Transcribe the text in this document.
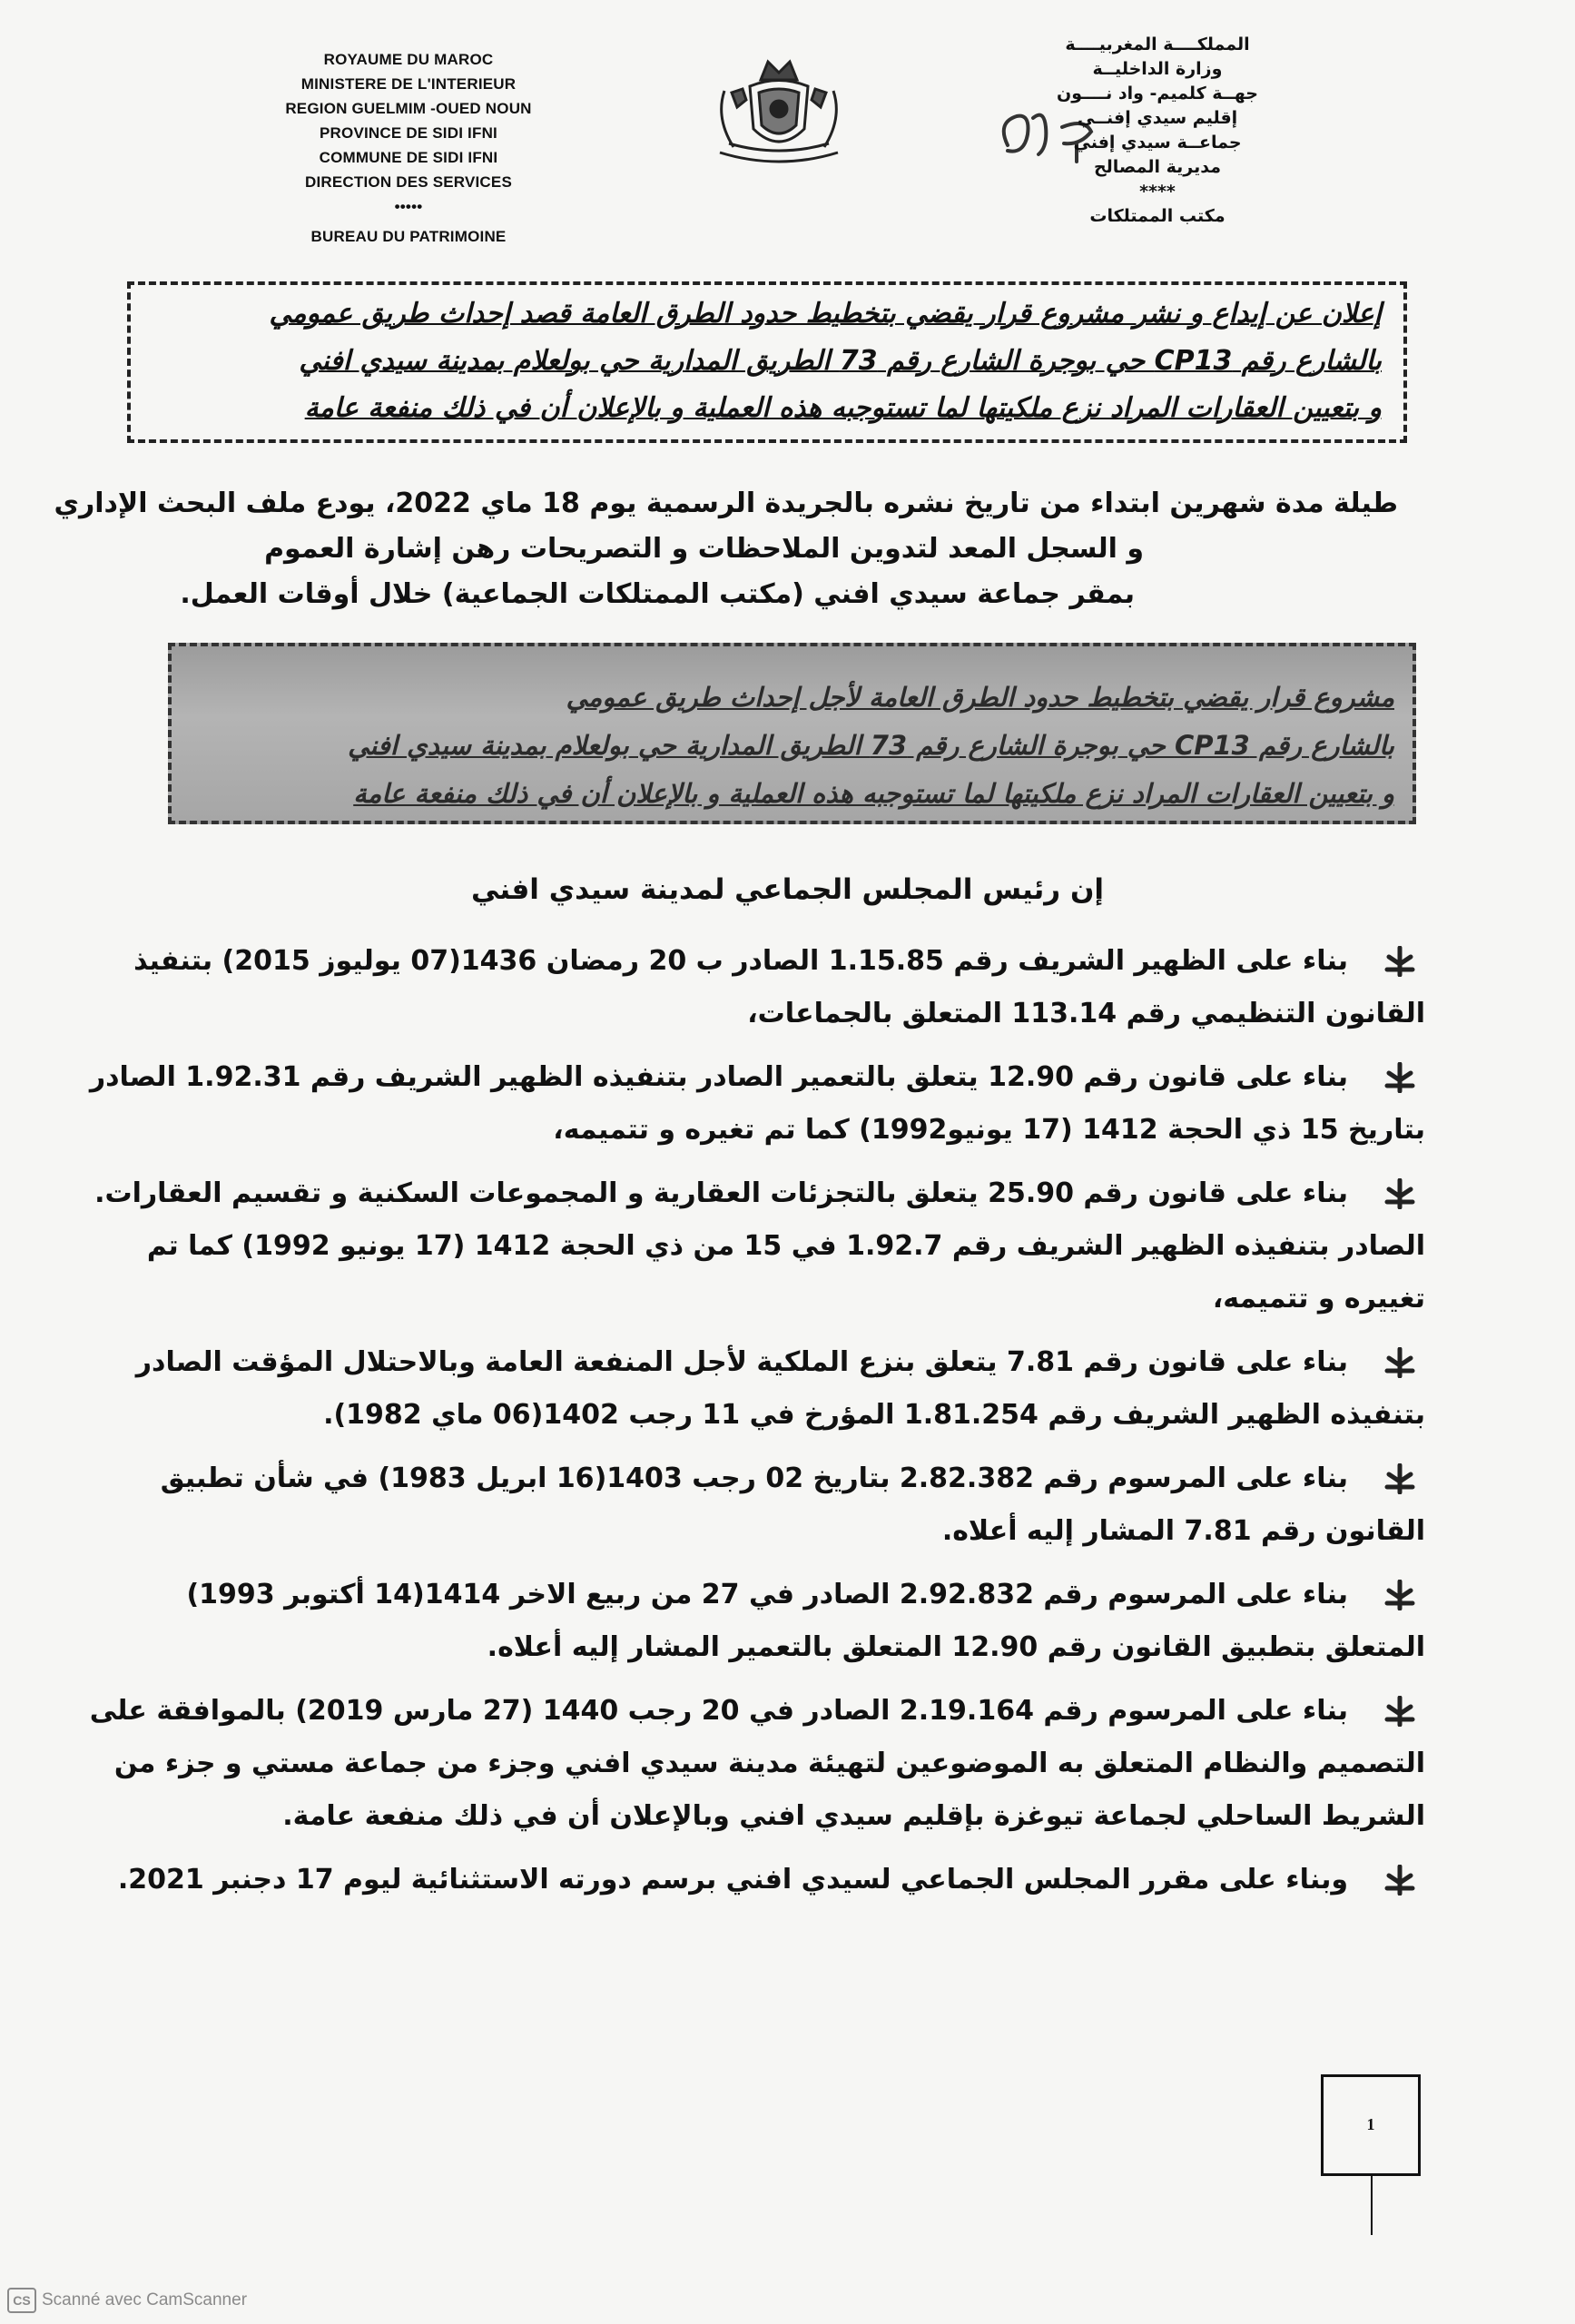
ROYAUME DU MAROC
MINISTERE DE L'INTERIEUR
REGION GUELMIM -OUED NOUN
PROVINCE DE SIDI IFNI
COMMUNE DE SIDI IFNI
DIRECTION DES SERVICES
•••••
BUREAU DU PATRIMOINE
المملكــــة المغربيــــة
وزارة الداخليــة
جهــة كلميم- واد نــــون
إقليم سيدي إفنــي
جماعــة سيدي إفني
مديرية المصالح
****
مكتب الممتلكات
إعلان عن إيداع و نشر مشروع قرار يقضي بتخطيط حدود الطرق العامة قصد إحداث طريق عمومي
بالشارع رقم CP13 حي بوجرة الشارع رقم 73 الطريق المدارية حي بولعلام بمدينة سيدي افني
و بتعيين العقارات المراد نزع ملكيتها لما تستوجبه هذه العملية و بالإعلان أن في ذلك منفعة عامة
طيلة مدة شهرين ابتداء من تاريخ نشره بالجريدة الرسمية يوم 18 ماي 2022، يودع ملف البحث الإداري
و السجل المعد لتدوين الملاحظات و التصريحات رهن إشارة العموم
بمقر جماعة سيدي افني (مكتب الممتلكات الجماعية) خلال أوقات العمل.
مشروع قرار يقضي بتخطيط حدود الطرق العامة لأجل إحداث طريق عمومي
بالشارع رقم CP13 حي بوجرة الشارع رقم 73 الطريق المدارية حي بولعلام بمدينة سيدي افني
و بتعيين العقارات المراد نزع ملكيتها لما تستوجبه هذه العملية و بالإعلان أن في ذلك منفعة عامة
إن رئيس المجلس الجماعي لمدينة سيدي افني
بناء على الظهير الشريف رقم 1.15.85 الصادر ب 20 رمضان 1436(07 يوليوز 2015) بتنفيذ
القانون التنظيمي رقم 113.14 المتعلق بالجماعات،
بناء على قانون رقم 12.90 يتعلق بالتعمير الصادر بتنفيذه الظهير الشريف رقم 1.92.31 الصادر
بتاريخ 15 ذي الحجة 1412 (17 يونيو1992) كما تم تغيره و تتميمه،
بناء على قانون رقم 25.90 يتعلق بالتجزئات العقارية و المجموعات السكنية و تقسيم العقارات.
الصادر بتنفيذه الظهير الشريف رقم 1.92.7 في 15 من ذي الحجة 1412 (17 يونيو 1992) كما تم
تغييره و تتميمه،
بناء على قانون رقم 7.81 يتعلق بنزع الملكية لأجل المنفعة العامة وبالاحتلال المؤقت الصادر
بتنفيذه الظهير الشريف رقم 1.81.254 المؤرخ في 11 رجب 1402(06 ماي 1982).
بناء على المرسوم رقم 2.82.382 بتاريخ 02 رجب 1403(16 ابريل 1983) في شأن تطبيق
القانون رقم 7.81 المشار إليه أعلاه.
بناء على المرسوم رقم 2.92.832 الصادر في 27 من ربيع الاخر 1414(14 أكتوبر 1993)
المتعلق بتطبيق القانون رقم 12.90 المتعلق بالتعمير المشار إليه أعلاه.
بناء على المرسوم رقم 2.19.164 الصادر في 20 رجب 1440 (27 مارس 2019) بالموافقة على
التصميم والنظام المتعلق به الموضوعين لتهيئة مدينة سيدي افني وجزء من جماعة مستي و جزء من
الشريط الساحلي لجماعة تيوغزة بإقليم سيدي افني وبالإعلان أن في ذلك منفعة عامة.
وبناء على مقرر المجلس الجماعي لسيدي افني برسم دورته الاستثنائية ليوم 17 دجنبر 2021.
1
CS Scanné avec CamScanner
